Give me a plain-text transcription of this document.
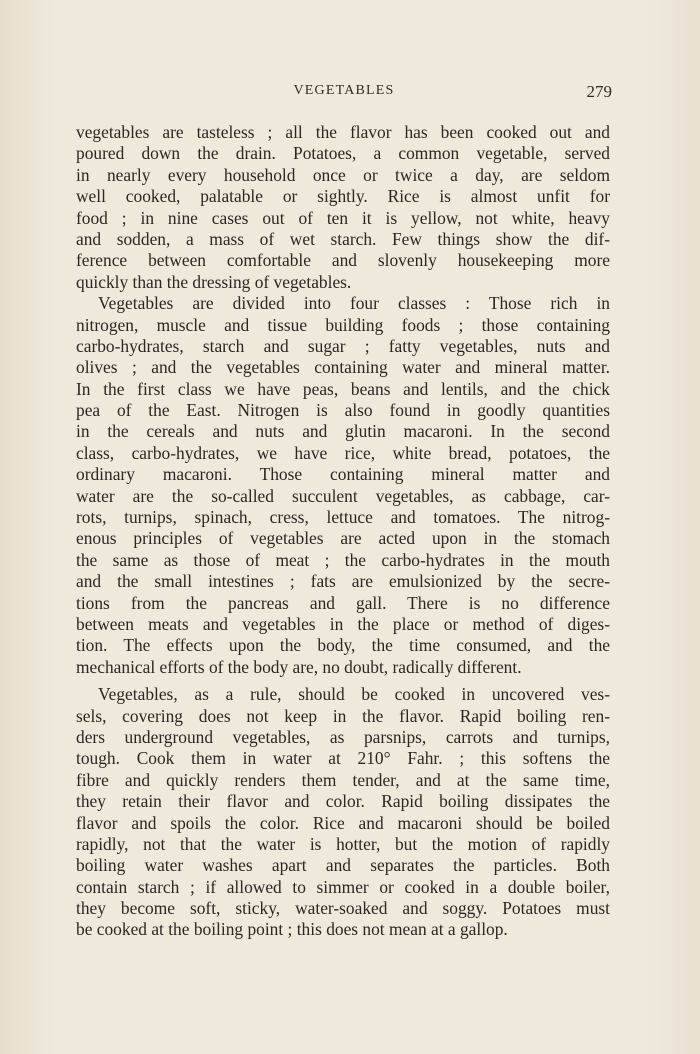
VEGETABLES	279

vegetables are tasteless ; all the flavor has been cooked out and
poured down the drain. Potatoes, a common vegetable, served
in nearly every household once or twice a day, are seldom
well cooked, palatable or sightly. Rice is almost unfit for
food ; in nine cases out of ten it is yellow, not white, heavy
and sodden, a mass of wet starch. Few things show the dif-
ference between comfortable and slovenly housekeeping more
quickly than the dressing of vegetables.

Vegetables are divided into four classes : Those rich in
nitrogen, muscle and tissue building foods ; those containing
carbo-hydrates, starch and sugar ; fatty vegetables, nuts and
olives ; and the vegetables containing water and mineral matter.
In the first class we have peas, beans and lentils, and the chick
pea of the East. Nitrogen is also found in goodly quantities
in the cereals and nuts and glutin macaroni. In the second
class, carbo-hydrates, we have rice, white bread, potatoes, the
ordinary macaroni. Those containing mineral matter and
water are the so-called succulent vegetables, as cabbage, car-
rots, turnips, spinach, cress, lettuce and tomatoes. The nitrog-
enous principles of vegetables are acted upon in the stomach
the same as those of meat ; the carbo-hydrates in the mouth
and the small intestines ; fats are emulsionized by the secre-
tions from the pancreas and gall. There is no difference
between meats and vegetables in the place or method of diges-
tion. The effects upon the body, the time consumed, and the
mechanical efforts of the body are, no doubt, radically different.

Vegetables, as a rule, should be cooked in uncovered ves-
sels, covering does not keep in the flavor. Rapid boiling ren-
ders underground vegetables, as parsnips, carrots and turnips,
tough. Cook them in water at 210° Fahr. ; this softens the
fibre and quickly renders them tender, and at the same time,
they retain their flavor and color. Rapid boiling dissipates the
flavor and spoils the color. Rice and macaroni should be boiled
rapidly, not that the water is hotter, but the motion of rapidly
boiling water washes apart and separates the particles. Both
contain starch ; if allowed to simmer or cooked in a double boiler,
they become soft, sticky, water-soaked and soggy. Potatoes must
be cooked at the boiling point ; this does not mean at a gallop.
